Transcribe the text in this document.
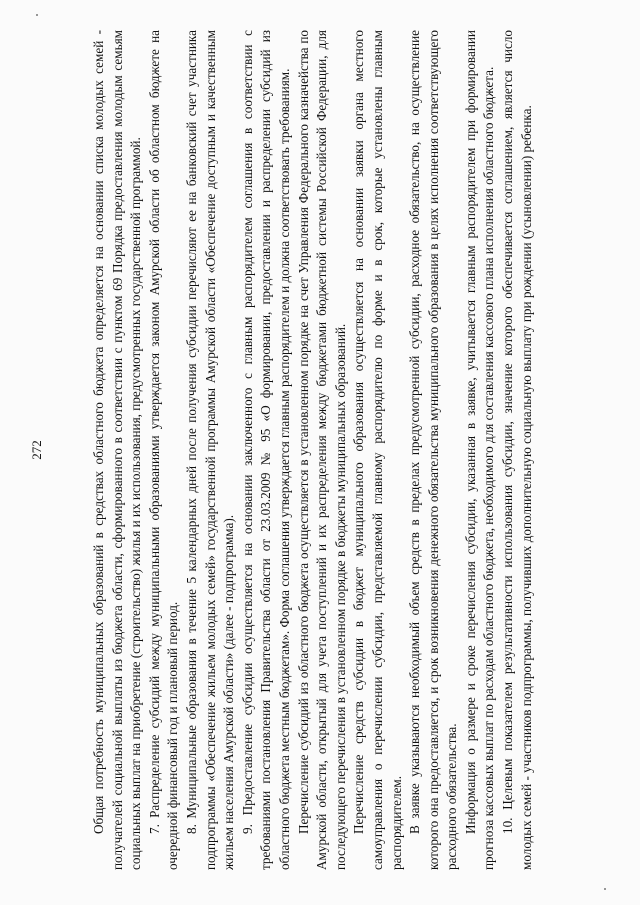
272	Общая потребность муниципальных образований в средствах областного бюджета определяется на основании списка молодых семей - получателей социальной выплаты из бюджета области, сформированного в соответствии с пунктом 69 Порядка предоставления молодым семьям социальных выплат на приобретение (строительство) жилья и их использования, предусмотренных государственной программой. 7. Распределение субсидий между муниципальными образованиями утверждается законом Амурской области об областном бюджете на очередной финансовый год и плановый период. 8. Муниципальные образования в течение 5 календарных дней после получения субсидии перечисляют ее на банковский счет участника подпрограммы «Обеспечение жильем молодых семей» государственной программы Амурской области «Обеспечение доступным и качественным жильем населения Амурской области» (далее - подпрограмма). 9. Предоставление субсидии осуществляется на основании заключенного с главным распорядителем соглашения в соответствии с требованиями постановления Правительства области от 23.03.2009 № 95 «О формировании, предоставлении и распределении субсидий из областного бюджета местным бюджетам». Форма соглашения утверждается главным распорядителем и должна соответствовать требованиям. Перечисление субсидий из областного бюджета осуществляется в установленном порядке на счет Управления Федерального казначейства по Амурской области, открытый для учета поступлений и их распределения между бюджетами бюджетной системы Российской Федерации, для последующего перечисления в установленном порядке в бюджеты муниципальных образований. Перечисление средств субсидии в бюджет муниципального образования осуществляется на основании заявки органа местного самоуправления о перечислении субсидии, представляемой главному распорядителю по форме и в срок, которые установлены главным распорядителем. В заявке указываются необходимый объем средств в пределах предусмотренной субсидии, расходное обязательство, на осуществление которого она предоставляется, и срок возникновения денежного обязательства муниципального образования в целях исполнения соответствующего расходного обязательства. Информация о размере и сроке перечисления субсидии, указанная в заявке, учитывается главным распорядителем при формировании прогноза кассовых выплат по расходам областного бюджета, необходимого для составления кассового плана исполнения областного бюджета. 10. Целевым показателем результативности использования субсидии, значение которого обеспечивается соглашением, является число молодых семей - участников подпрограммы, получивших дополнительную социальную выплату при рождении (усыновлении) ребенка.
